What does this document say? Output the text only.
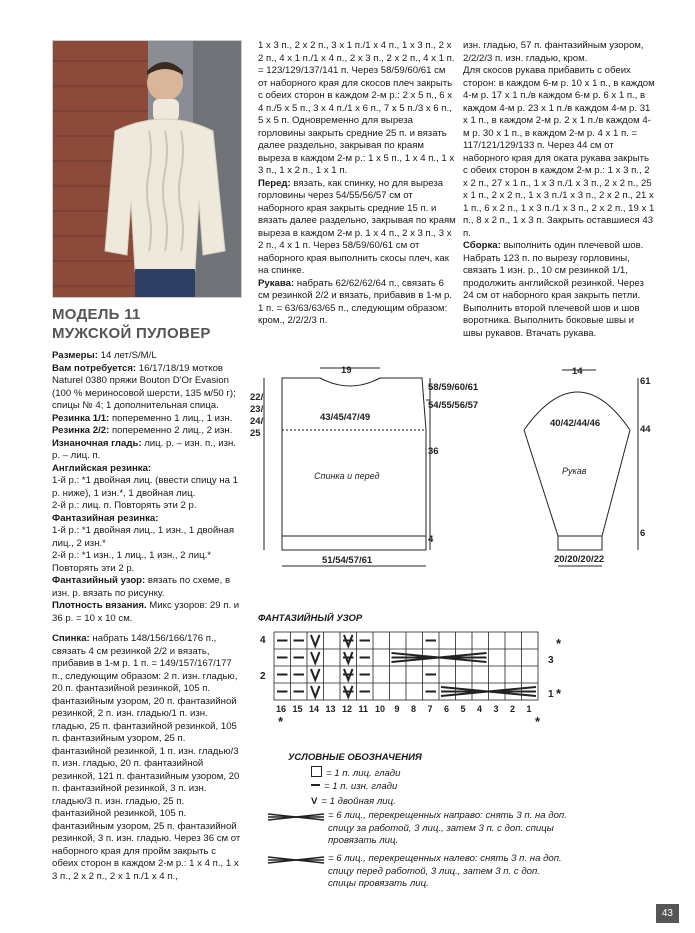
МОДЕЛЬ 11
МУЖСКОЙ ПУЛОВЕР

Размеры: 14 лет/S/M/L

Вам потребуется: 16/17/18/19 мотков Naturel 0380 пряжи Bouton D'Or Evasion (100 % мериносовой шерсти, 135 м/50 г); спицы № 4; 1 дополнительная спица.

Резинка 1/1: попеременно 1 лиц., 1 изн.

Резинка 2/2: попеременно 2 лиц., 2 изн.

Изнаночная гладь: лиц. р. – изн. п., изн. р. – лиц. п.

Английская резинка:

1-й р.: *1 двойная лиц. (ввести спицу на 1 р. ниже), 1 изн.*, 1 двойная лиц.

2-й р.: лиц. п. Повторять эти 2 р.

Фантазийная резинка:

1-й р.: *1 двойная лиц., 1 изн., 1 двойная лиц., 2 изн.*

2-й р.: *1 изн., 1 лиц., 1 изн., 2 лиц.* Повторять эти 2 р.

Фантазийный узор: вязать по схеме, в изн. р. вязать по рисунку.

Плотность вязания. Микс узоров: 29 п. и 36 р. = 10 х 10 см.

Спинка: набрать 148/156/166/176 п., связать 4 см резинкой 2/2 и вязать, прибавив в 1-м р. 1 п. = 149/157/167/177 п., следующим образом: 2 п. изн. гладью, 20 п. фантазийной резинкой, 105 п. фантазийным узором, 20 п. фантазийной резинкой, 2 п. изн. гладью/1 п. изн. гладью, 25 п. фантазийной резинкой, 105 п. фантазийным узором, 25 п. фантазийной резинкой, 1 п. изн. гладью/3 п. изн. гладью, 20 п. фантазийной резинкой, 121 п. фантазийным узором, 20 п. фантазийной резинкой, 3 п. изн. гладью/3 п. изн. гладью, 25 п. фантазийной резинкой, 105 п. фантазийным узором, 25 п. фантазийной резинкой, 3 п. изн. гладью. Через 36 см от наборного края для пройм закрыть с обеих сторон в каждом 2-м р.: 1 х 4 п., 1 х 3 п., 2 х 2 п., 2 х 1 п./1 х 4 п.,

1 х 3 п., 2 х 2 п., 3 х 1 п./1 х 4 п., 1 х 3 п., 2 х 2 п., 4 х 1 п./1 х 4 п., 2 х 3 п., 2 х 2 п., 4 х 1 п. = 123/129/137/141 п. Через 58/59/60/61 см от наборного края для скосов плеч закрыть с обеих сторон в каждом 2-м р.: 2 х 5 п., 6 х 4 п./5 х 5 п., 3 х 4 п./1 х 6 п., 7 х 5 п./3 х 6 п., 5 х 5 п. Одновременно для выреза горловины закрыть средние 25 п. и вязать далее раздельно, закрывая по краям выреза в каждом 2-м р.: 1 х 5 п., 1 х 4 п., 1 х 3 п., 1 х 2 п., 1 х 1 п.

Перед: вязать, как спинку, но для выреза горловины через 54/55/56/57 см от наборного края закрыть средние 15 п. и вязать далее раздельно, закрывая по краям выреза в каждом 2-м р. 1 х 4 п., 2 х 3 п., 3 х 2 п., 4 х 1 п. Через 58/59/60/61 см от наборного края выполнить скосы плеч, как на спинке.

Рукава: набрать 62/62/62/64 п., связать 6 см резинкой 2/2 и вязать, прибавив в 1-м р. 1 п. = 63/63/63/65 п., следующим образом: кром., 2/2/2/3 п.

изн. гладью, 57 п. фантазийным узором, 2/2/2/3 п. изн. гладью, кром.

Для скосов рукава прибавить с обеих сторон: в каждом 6-м р. 10 х 1 п., в каждом 4-м р. 17 х 1 п./в каждом 6-м р. 6 х 1 п., в каждом 4-м р. 23 х 1 п./в каждом 4-м р. 31 х 1 п., в каждом 2-м р. 2 х 1 п./в каждом 4-м р. 30 х 1 п., в каждом 2-м р. 4 х 1 п. = 117/121/129/133 п. Через 44 см от наборного края для оката рукава закрыть с обеих сторон в каждом 2-м р.: 1 х 3 п., 2 х 2 п., 27 х 1 п., 1 х 3 п./1 х 3 п., 2 х 2 п., 25 х 1 п., 2 х 2 п., 1 х 3 п./1 х 3 п., 2 х 2 п., 21 х 1 п., 6 х 2 п., 1 х 3 п./1 х 3 п., 2 х 2 п., 19 х 1 п., 8 х 2 п., 1 х 3 п. Закрыть оставшиеся 43 п.

Сборка: выполнить один плечевой шов. Набрать 123 п. по вырезу горловины, связать 1 изн. р., 10 см резинкой 1/1, продолжить английской резинкой. Через 24 см от наборного края закрыть петли. Выполнить второй плечевой шов и шов воротника. Выполнить боковые швы и швы рукавов. Втачать рукава.

19
43/45/47/49
22/
23/
24/
25
58/59/60/61
54/55/56/57
36
4
51/54/57/61
Спинка и перед
14
40/42/44/46
61
44
6
20/20/20/22
Рукав
ФАНТАЗИЙНЫЙ УЗОР
4
2
3
1
*
*
*	*
16 15 14 13 12 11 10 9 8 7 6 5 4 3 2 1
УСЛОВНЫЕ ОБОЗНАЧЕНИЯ
= 1 п. лиц. глади
= 1 п. изн. глади
V = 1 двойная лиц.
= 6 лиц., перекрещенных направо: снять 3 п. на доп.
спицу за работой, 3 лиц., затем 3 п. с доп. спицы
провязать лиц.
= 6 лиц., перекрещенных налево: снять 3 п. на доп.
спицу перед работой, 3 лиц., затем 3 п. с доп.
спицы провязать лиц.
43
